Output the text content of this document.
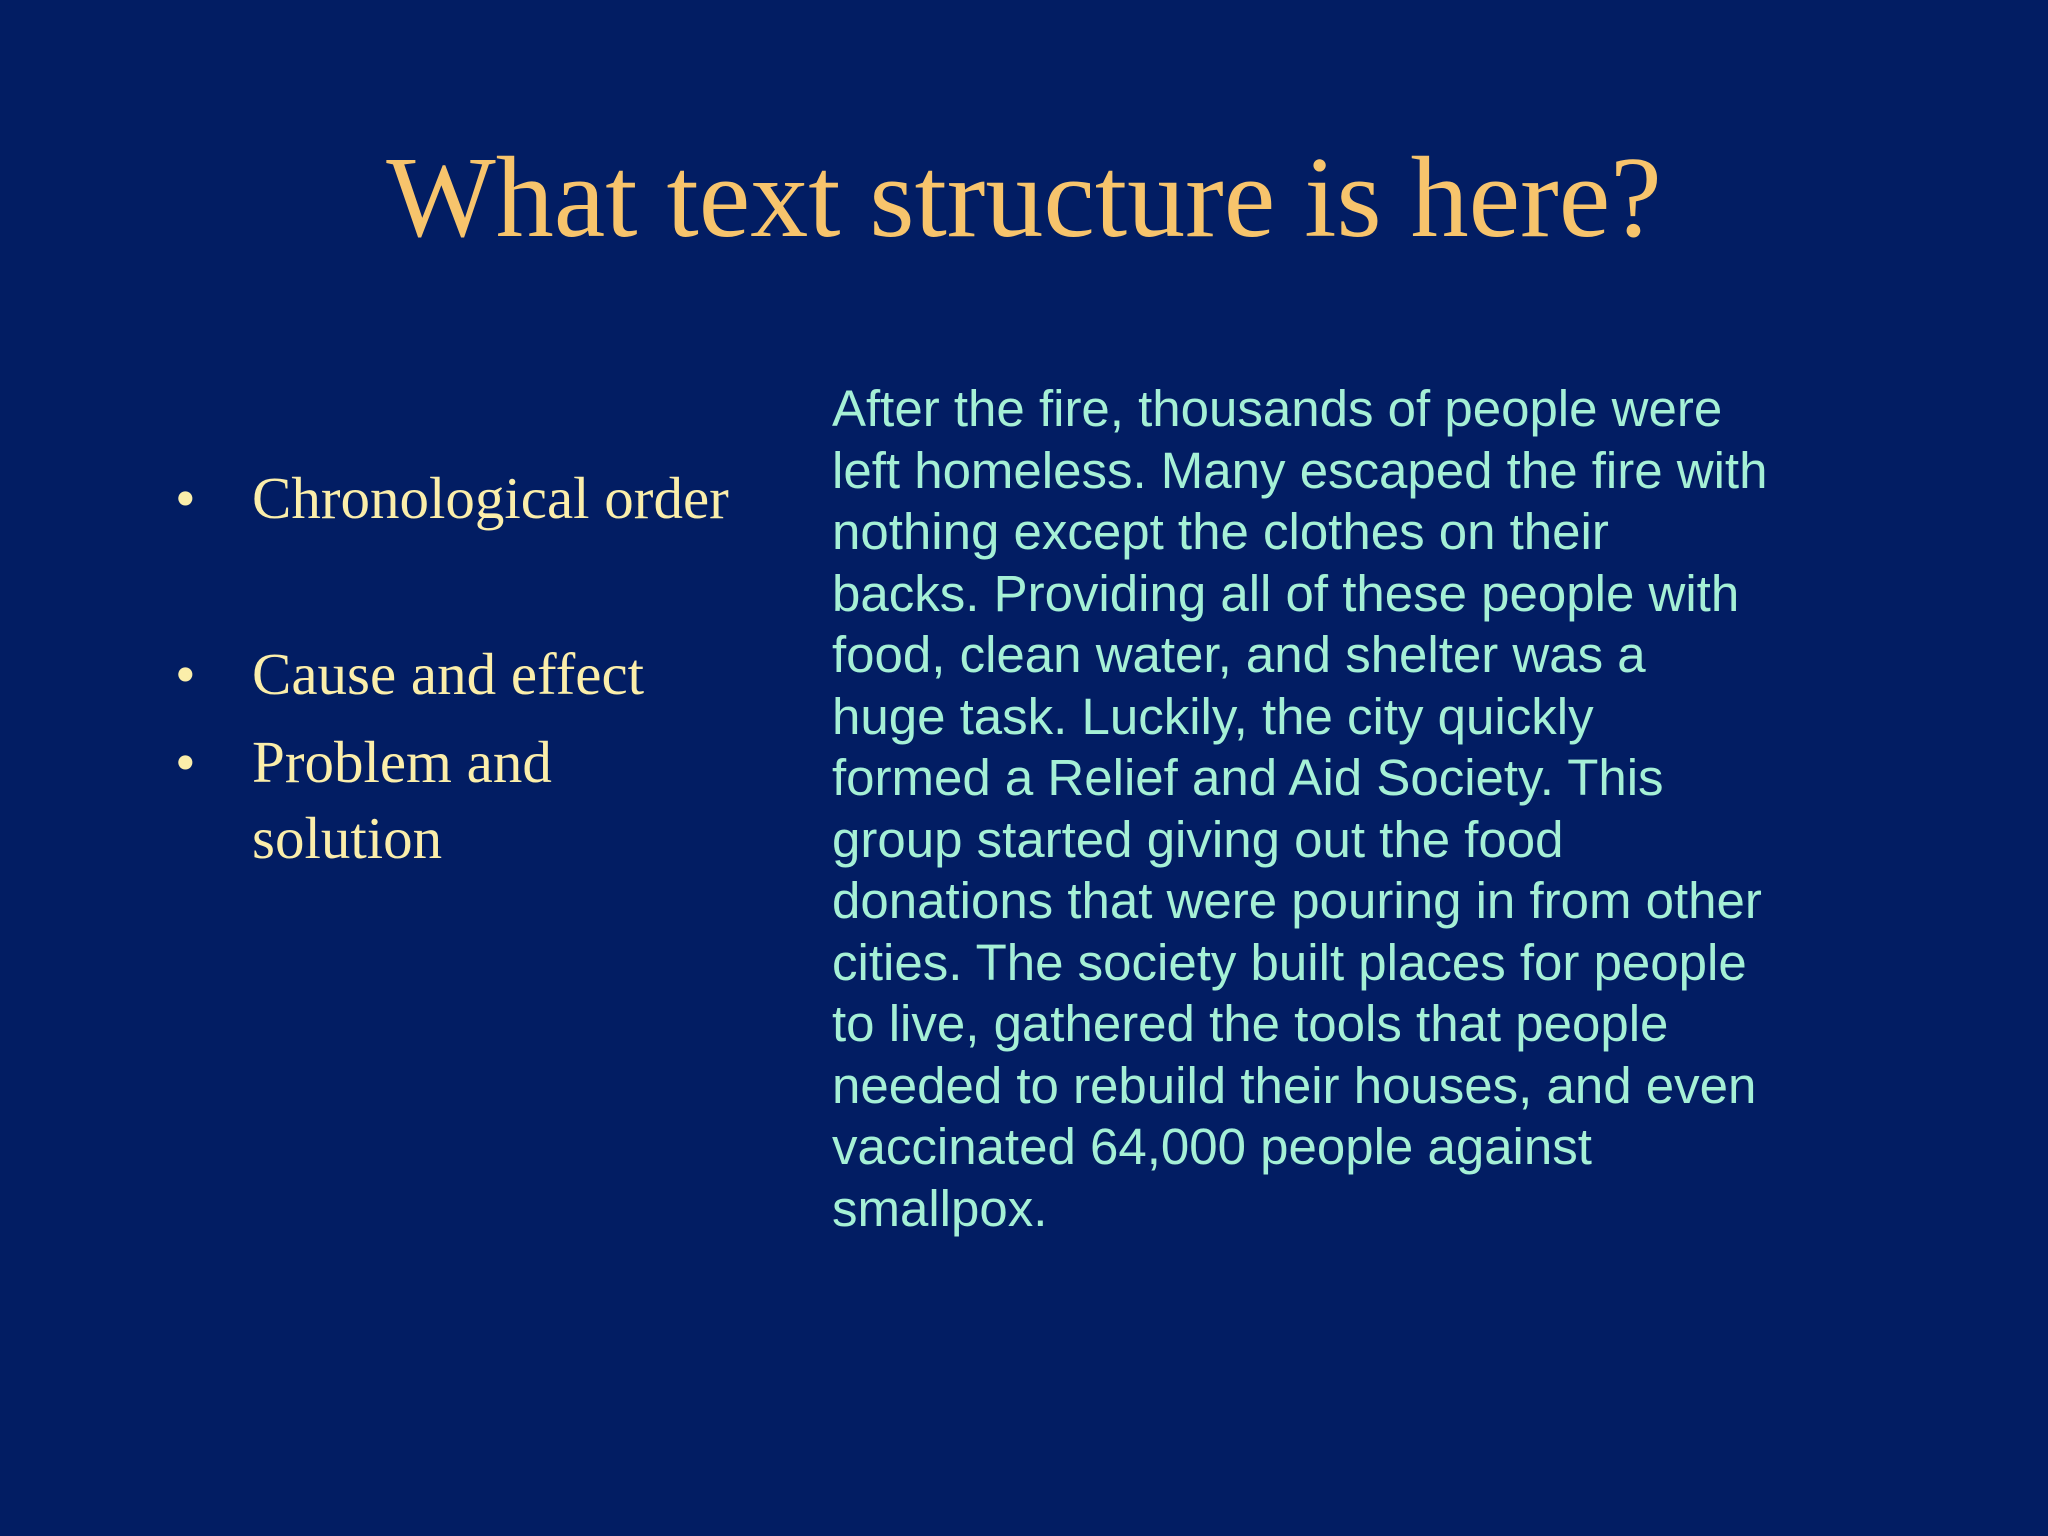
What text structure is here?
• Chronological order
• Cause and effect
• Problem and solution

After the fire, thousands of people were
left homeless. Many escaped the fire with
nothing except the clothes on their
backs. Providing all of these people with
food, clean water, and shelter was a
huge task. Luckily, the city quickly
formed a Relief and Aid Society. This
group started giving out the food
donations that were pouring in from other
cities. The society built places for people
to live, gathered the tools that people
needed to rebuild their houses, and even
vaccinated 64,000 people against
smallpox.
